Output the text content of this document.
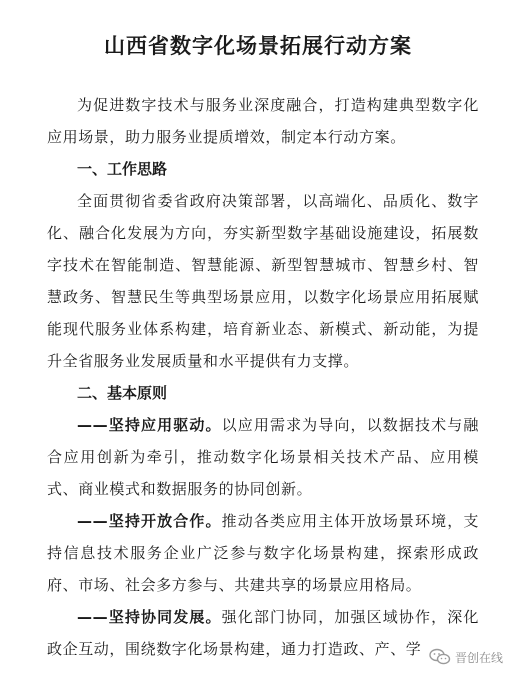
山西省数字化场景拓展行动方案

为促进数字技术与服务业深度融合，打造构建典型数字化应用场景，助力服务业提质增效，制定本行动方案。

一、工作思路

全面贯彻省委省政府决策部署，以高端化、品质化、数字化、融合化发展为方向，夯实新型数字基础设施建设，拓展数字技术在智能制造、智慧能源、新型智慧城市、智慧乡村、智慧政务、智慧民生等典型场景应用，以数字化场景应用拓展赋能现代服务业体系构建，培育新业态、新模式、新动能，为提升全省服务业发展质量和水平提供有力支撑。

二、基本原则

——坚持应用驱动。以应用需求为导向，以数据技术与融合应用创新为牵引，推动数字化场景相关技术产品、应用模式、商业模式和数据服务的协同创新。

——坚持开放合作。推动各类应用主体开放场景环境，支持信息技术服务企业广泛参与数字化场景构建，探索形成政府、市场、社会多方参与、共建共享的场景应用格局。

——坚持协同发展。强化部门协同，加强区域协作，深化政企互动，围绕数字化场景构建，通力打造政、产、学	晋创在线
